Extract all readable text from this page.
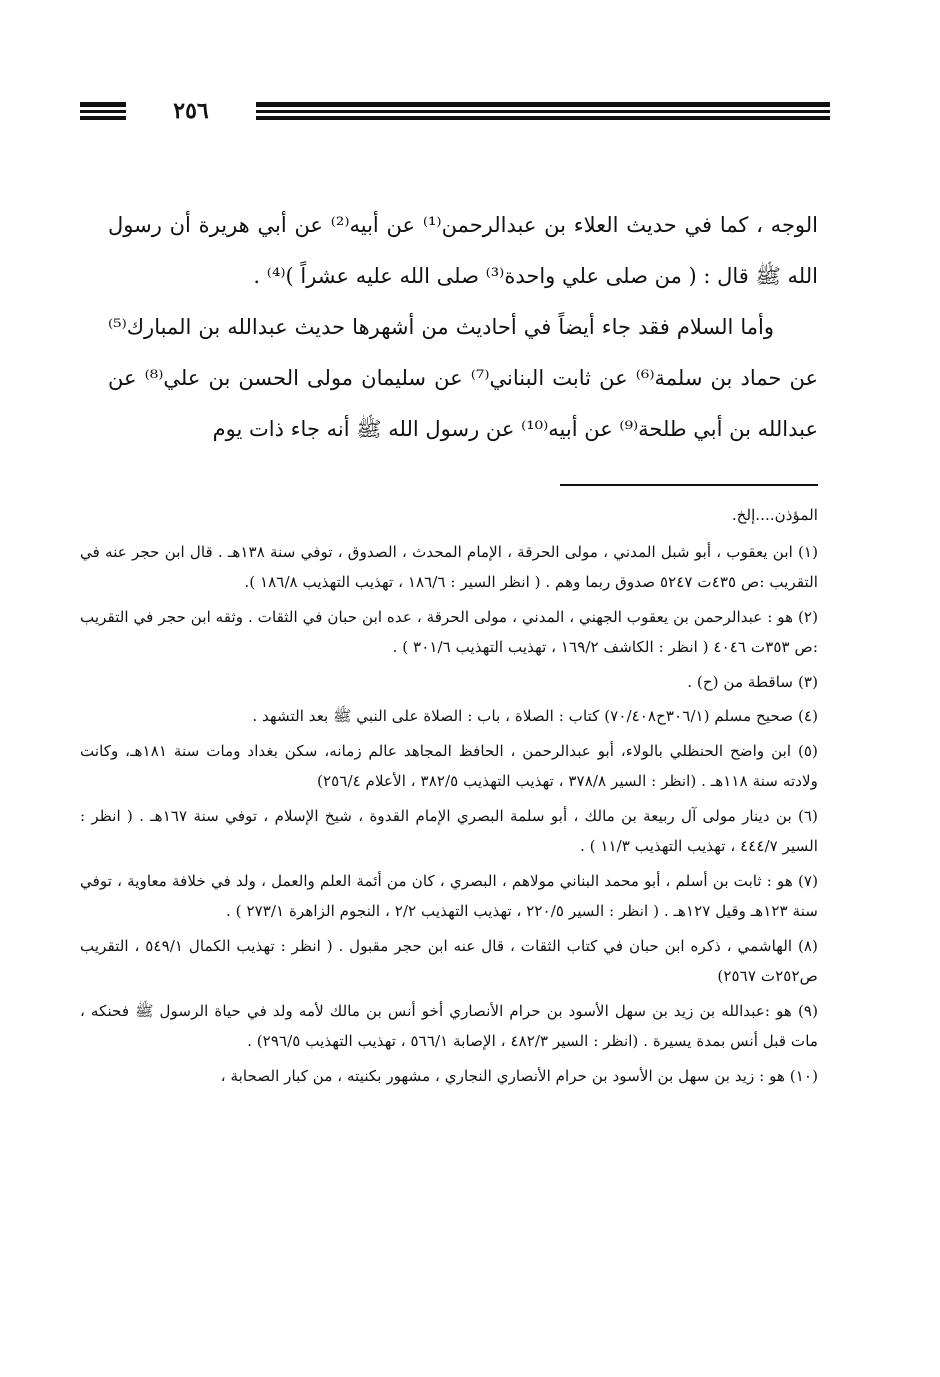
٢٥٦

الوجه ، كما في حديث العلاء بن عبدالرحمن⁽¹⁾ عن أبيه⁽²⁾ عن أبي هريرة أن رسول الله ﷺ قال : ( من صلى علي واحدة⁽³⁾ صلى الله عليه عشراً )⁽⁴⁾ .

وأما السلام فقد جاء أيضاً في أحاديث من أشهرها حديث عبدالله بن المبارك⁽⁵⁾ عن حماد بن سلمة⁽⁶⁾ عن ثابت البناني⁽⁷⁾ عن سليمان مولى الحسن بن علي⁽⁸⁾ عن عبدالله بن أبي طلحة⁽⁹⁾ عن أبيه⁽¹⁰⁾ عن رسول الله ﷺ أنه جاء ذات يوم

المؤذن....إلخ.

(١) ابن يعقوب ، أبو شبل المدني ، مولى الحرقة ، الإمام المحدث ، الصدوق ، توفي سنة ١٣٨هـ . قال ابن حجر عنه في التقريب :ص ٤٣٥ت ٥٢٤٧ صدوق ربما وهم . ( انظر السير : ١٨٦/٦ ، تهذيب التهذيب ١٨٦/٨ ).

(٢) هو : عبدالرحمن بن يعقوب الجهني ، المدني ، مولى الحرقة ، عده ابن حبان في الثقات . وثقه ابن حجر في التقريب :ص ٣٥٣ت ٤٠٤٦ ( انظر : الكاشف ١٦٩/٢ ، تهذيب التهذيب ٣٠١/٦ ) .

(٣) ساقطة من (ح) .

(٤) صحيح مسلم (٣٠٦/١ح٧٠/٤٠٨) كتاب : الصلاة ، باب : الصلاة على النبي ﷺ بعد التشهد .

(٥) ابن واضح الحنظلي بالولاء، أبو عبدالرحمن ، الحافظ المجاهد عالم زمانه، سكن بغداد ومات سنة ١٨١هـ، وكانت ولادته سنة ١١٨هـ . (انظر : السير ٣٧٨/٨ ، تهذيب التهذيب ٣٨٢/٥ ، الأعلام ٢٥٦/٤)

(٦) بن دينار مولى آل ربيعة بن مالك ، أبو سلمة البصري الإمام القدوة ، شيخ الإسلام ، توفي سنة ١٦٧هـ . ( انظر : السير ٤٤٤/٧ ، تهذيب التهذيب ١١/٣ ) .

(٧) هو : ثابت بن أسلم ، أبو محمد البناني مولاهم ، البصري ، كان من أئمة العلم والعمل ، ولد في خلافة معاوية ، توفي سنة ١٢٣هـ وقيل ١٢٧هـ . ( انظر : السير ٢٢٠/٥ ، تهذيب التهذيب ٢/٢ ، النجوم الزاهرة ٢٧٣/١ ) .

(٨) الهاشمي ، ذكره ابن حبان في كتاب الثقات ، قال عنه ابن حجر مقبول . ( انظر : تهذيب الكمال ٥٤٩/١ ، التقريب ص٢٥٢ت ٢٥٦٧)

(٩) هو :عبدالله بن زيد بن سهل الأسود بن حرام الأنصاري أخو أنس بن مالك لأمه ولد في حياة الرسول ﷺ فحنكه ، مات قبل أنس بمدة يسيرة . (انظر : السير ٤٨٢/٣ ، الإصابة ٥٦٦/١ ، تهذيب التهذيب ٢٩٦/٥) .

(١٠) هو : زيد بن سهل بن الأسود بن حرام الأنصاري النجاري ، مشهور بكنيته ، من كبار الصحابة ،
